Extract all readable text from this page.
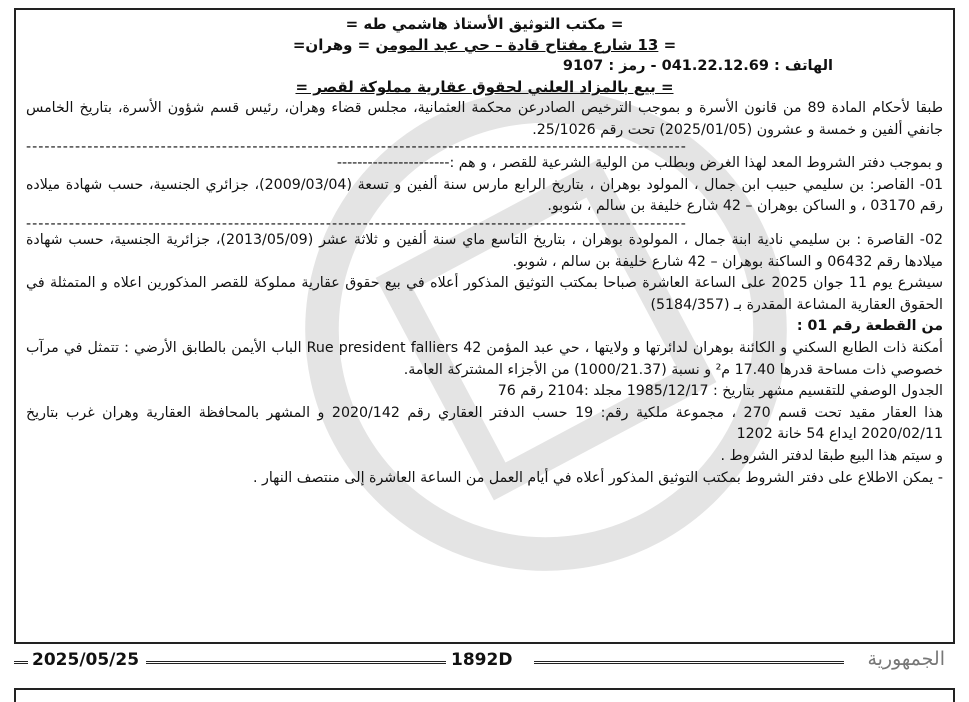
= مكتب التوثيق الأستاذ هاشمي طه =
= 13 شارع مفتاح قادة – حي عبد المومن = وهران=
الهاتف : 041.22.12.69 - رمز : 9107
= بيع بالمزاد العلني لحقوق عقارية مملوكة لقصر =

طبقا لأحكام المادة 89 من قانون الأسرة و بموجب الترخيص الصادرعن محكمة العثمانية، مجلس قضاء وهران، رئيس قسم شؤون الأسرة، بتاريخ الخامس جانفي ألفين و خمسة و عشرون (2025/01/05) تحت رقم 25/1026.

------------------------------------------------------------------------------------------------------------

و بموجب دفتر الشروط المعد لهذا الغرض وبطلب من الولية الشرعية للقصر ، و هم :----------------------

01- القاصر: بن سليمي حبيب ابن جمال ، المولود بوهران ، بتاريخ الرابع مارس سنة ألفين و تسعة (2009/03/04)، جزائري الجنسية، حسب شهادة ميلاده رقم 03170 ، و الساكن بوهران – 42 شارع خليفة بن سالم ، شوبو.

------------------------------------------------------------------------------------------------------------

02- القاصرة : بن سليمي نادية ابنة جمال ، المولودة بوهران ، بتاريخ التاسع ماي سنة ألفين و ثلاثة عشر (2013/05/09)، جزائرية الجنسية، حسب شهادة ميلادها رقم 06432 و الساكنة بوهران – 42 شارع خليفة بن سالم ، شوبو.

سيشرع يوم 11 جوان 2025 على الساعة العاشرة صباحا بمكتب التوثيق المذكور أعلاه في بيع حقوق عقارية مملوكة للقصر المذكورين اعلاه و المتمثلة في الحقوق العقارية المشاعة المقدرة بـ (5184/357)

من القطعة رقم 01 :

أمكنة ذات الطابع السكني و الكائنة بوهران لدائرتها و ولايتها ، حي عبد المؤمن 42 Rue president falliers الباب الأيمن بالطابق الأرضي : تتمثل في مرآب خصوصي ذات مساحة قدرها 17.40 م² و نسبة (1000/21.37) من الأجزاء المشتركة العامة.

الجدول الوصفي للتقسيم مشهر بتاريخ : 1985/12/17 مجلد :2104 رقم 76

هذا العقار مقيد تحت قسم 270 ، مجموعة ملكية رقم: 19 حسب الدفتر العقاري رقم 2020/142 و المشهر بالمحافظة العقارية وهران غرب بتاريخ 2020/02/11 ايداع 54 خانة 1202

و سيتم هذا البيع طبقا لدفتر الشروط .

- يمكن الاطلاع على دفتر الشروط بمكتب التوثيق المذكور أعلاه في أيام العمل من الساعة العاشرة إلى منتصف النهار .

2025/05/25	1892D	الجمهورية
